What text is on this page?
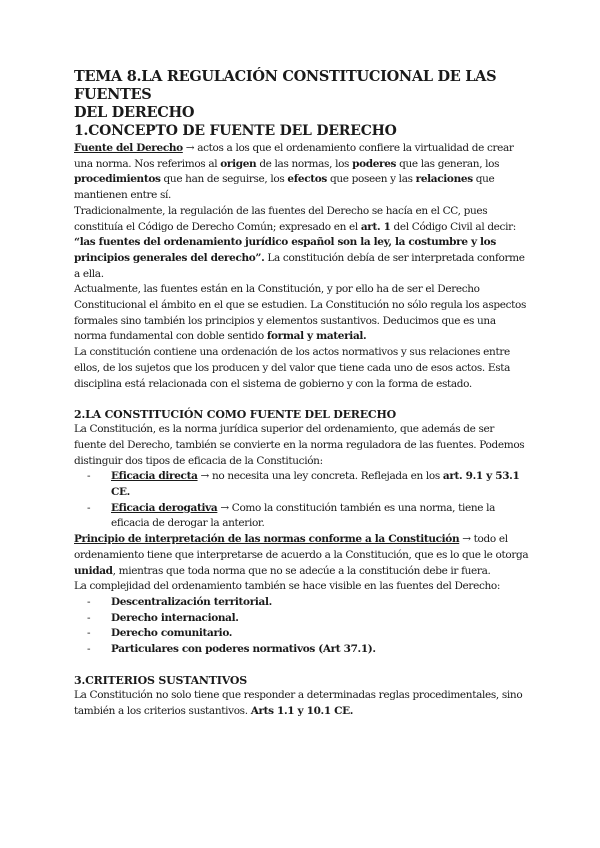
TEMA 8.LA REGULACIÓN CONSTITUCIONAL DE LAS FUENTES
DEL DERECHO
1.CONCEPTO DE FUENTE DEL DERECHO

Fuente del Derecho → actos a los que el ordenamiento confiere la virtualidad de crear una norma. Nos referimos al origen de las normas, los poderes que las generan, los procedimientos que han de seguirse, los efectos que poseen y las relaciones que mantienen entre sí.

Tradicionalmente, la regulación de las fuentes del Derecho se hacía en el CC, pues constituía el Código de Derecho Común; expresado en el art. 1 del Código Civil al decir: “las fuentes del ordenamiento jurídico español son la ley, la costumbre y los principios generales del derecho”. La constitución debía de ser interpretada conforme a ella.

Actualmente, las fuentes están en la Constitución, y por ello ha de ser el Derecho Constitucional el ámbito en el que se estudien. La Constitución no sólo regula los aspectos formales sino también los principios y elementos sustantivos. Deducimos que es una norma fundamental con doble sentido formal y material.

La constitución contiene una ordenación de los actos normativos y sus relaciones entre ellos, de los sujetos que los producen y del valor que tiene cada uno de esos actos. Esta disciplina está relacionada con el sistema de gobierno y con la forma de estado.

2.LA CONSTITUCIÓN COMO FUENTE DEL DERECHO

La Constitución, es la norma jurídica superior del ordenamiento, que además de ser fuente del Derecho, también se convierte en la norma reguladora de las fuentes. Podemos distinguir dos tipos de eficacia de la Constitución:

- Eficacia directa → no necesita una ley concreta. Reflejada en los art. 9.1 y 53.1 CE.
- Eficacia derogativa → Como la constitución también es una norma, tiene la eficacia de derogar la anterior.

Principio de interpretación de las normas conforme a la Constitución → todo el ordenamiento tiene que interpretarse de acuerdo a la Constitución, que es lo que le otorga unidad, mientras que toda norma que no se adecúe a la constitución debe ir fuera.

La complejidad del ordenamiento también se hace visible en las fuentes del Derecho:

- Descentralización territorial.
- Derecho internacional.
- Derecho comunitario.
- Particulares con poderes normativos (Art 37.1).
3.CRITERIOS SUSTANTIVOS

La Constitución no solo tiene que responder a determinadas reglas procedimentales, sino también a los criterios sustantivos. Arts 1.1 y 10.1 CE.
